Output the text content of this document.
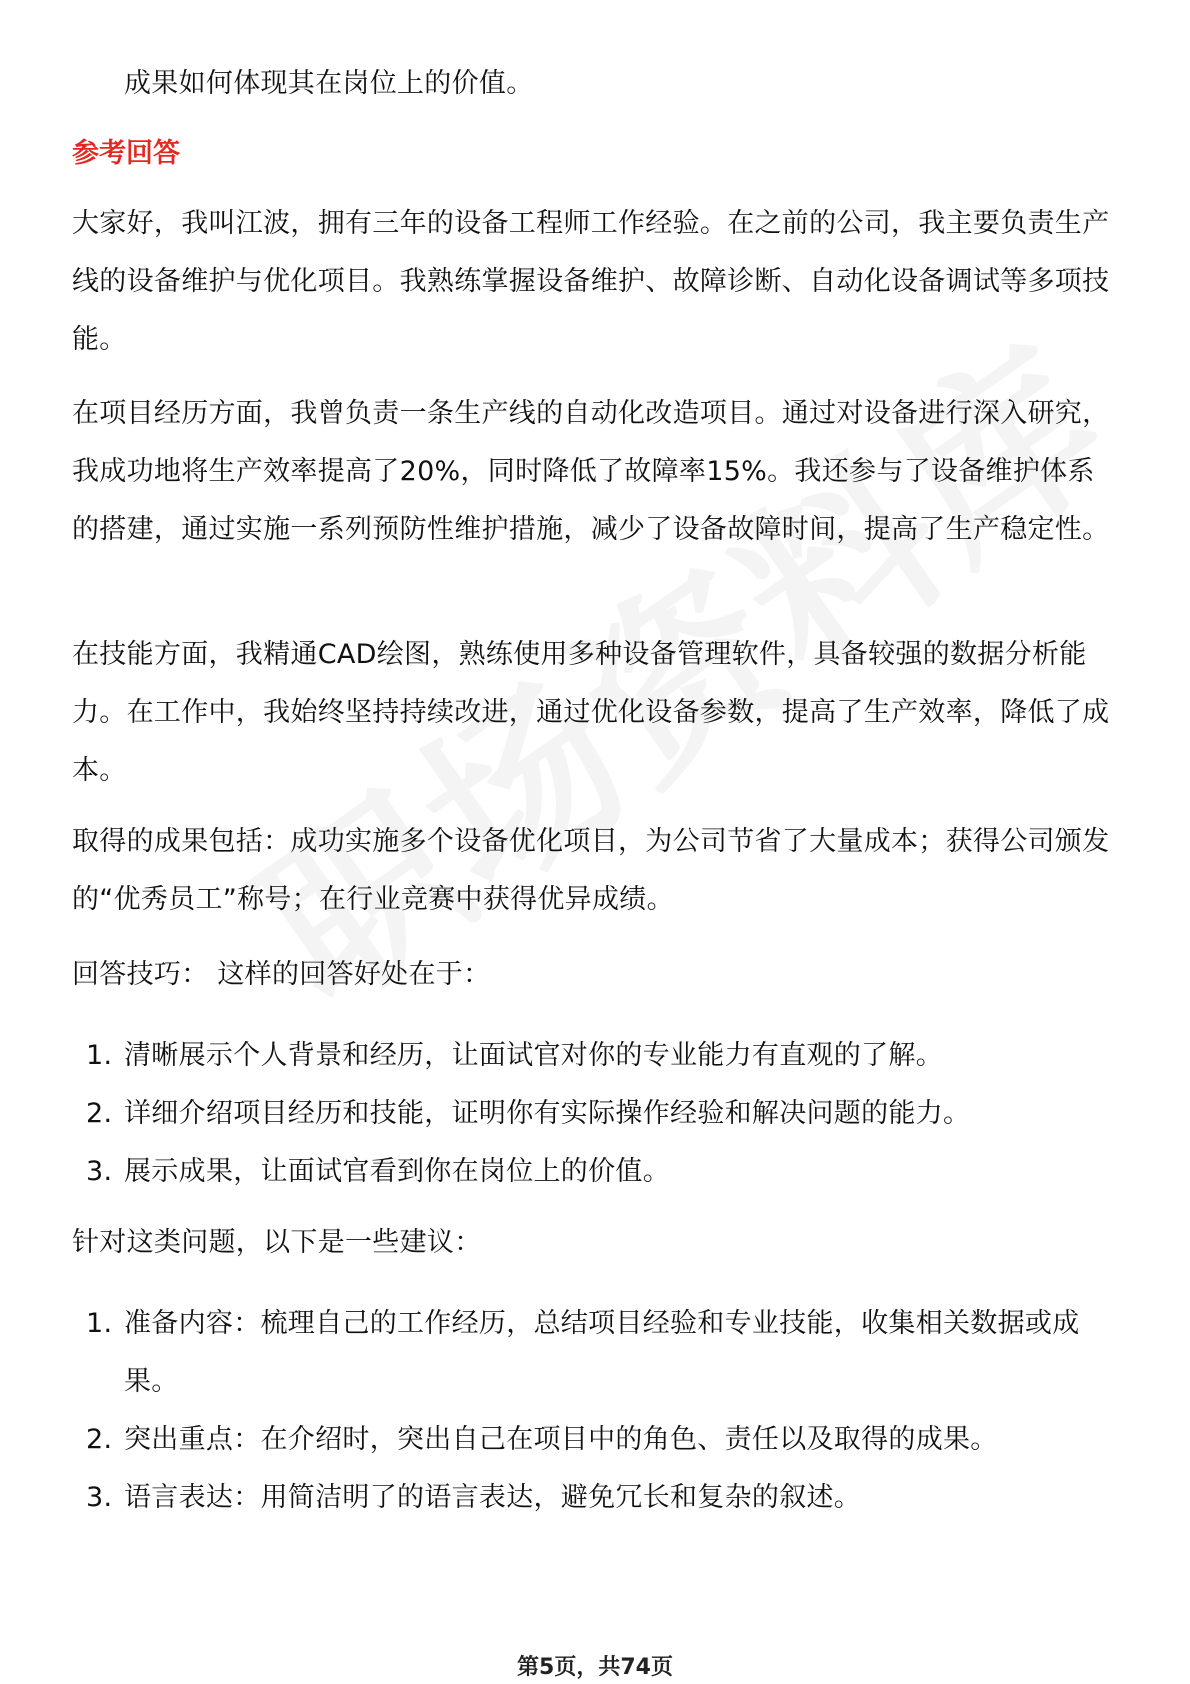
成果如何体现其在岗位上的价值。

参考回答

大家好，我叫江波，拥有三年的设备工程师工作经验。在之前的公司，我主要负责生产线的设备维护与优化项目。我熟练掌握设备维护、故障诊断、自动化设备调试等多项技能。

在项目经历方面，我曾负责一条生产线的自动化改造项目。通过对设备进行深入研究，我成功地将生产效率提高了20%，同时降低了故障率15%。我还参与了设备维护体系的搭建，通过实施一系列预防性维护措施，减少了设备故障时间，提高了生产稳定性。

在技能方面，我精通CAD绘图，熟练使用多种设备管理软件，具备较强的数据分析能力。在工作中，我始终坚持持续改进，通过优化设备参数，提高了生产效率，降低了成本。

取得的成果包括：成功实施多个设备优化项目，为公司节省了大量成本；获得公司颁发的“优秀员工”称号；在行业竞赛中获得优异成绩。

回答技巧： 这样的回答好处在于：

1. 清晰展示个人背景和经历，让面试官对你的专业能力有直观的了解。
2. 详细介绍项目经历和技能，证明你有实际操作经验和解决问题的能力。
3. 展示成果，让面试官看到你在岗位上的价值。

针对这类问题，以下是一些建议：

1. 准备内容：梳理自己的工作经历，总结项目经验和专业技能，收集相关数据或成果。
2. 突出重点：在介绍时，突出自己在项目中的角色、责任以及取得的成果。
3. 语言表达：用简洁明了的语言表达，避免冗长和复杂的叙述。
第5页，共74页
